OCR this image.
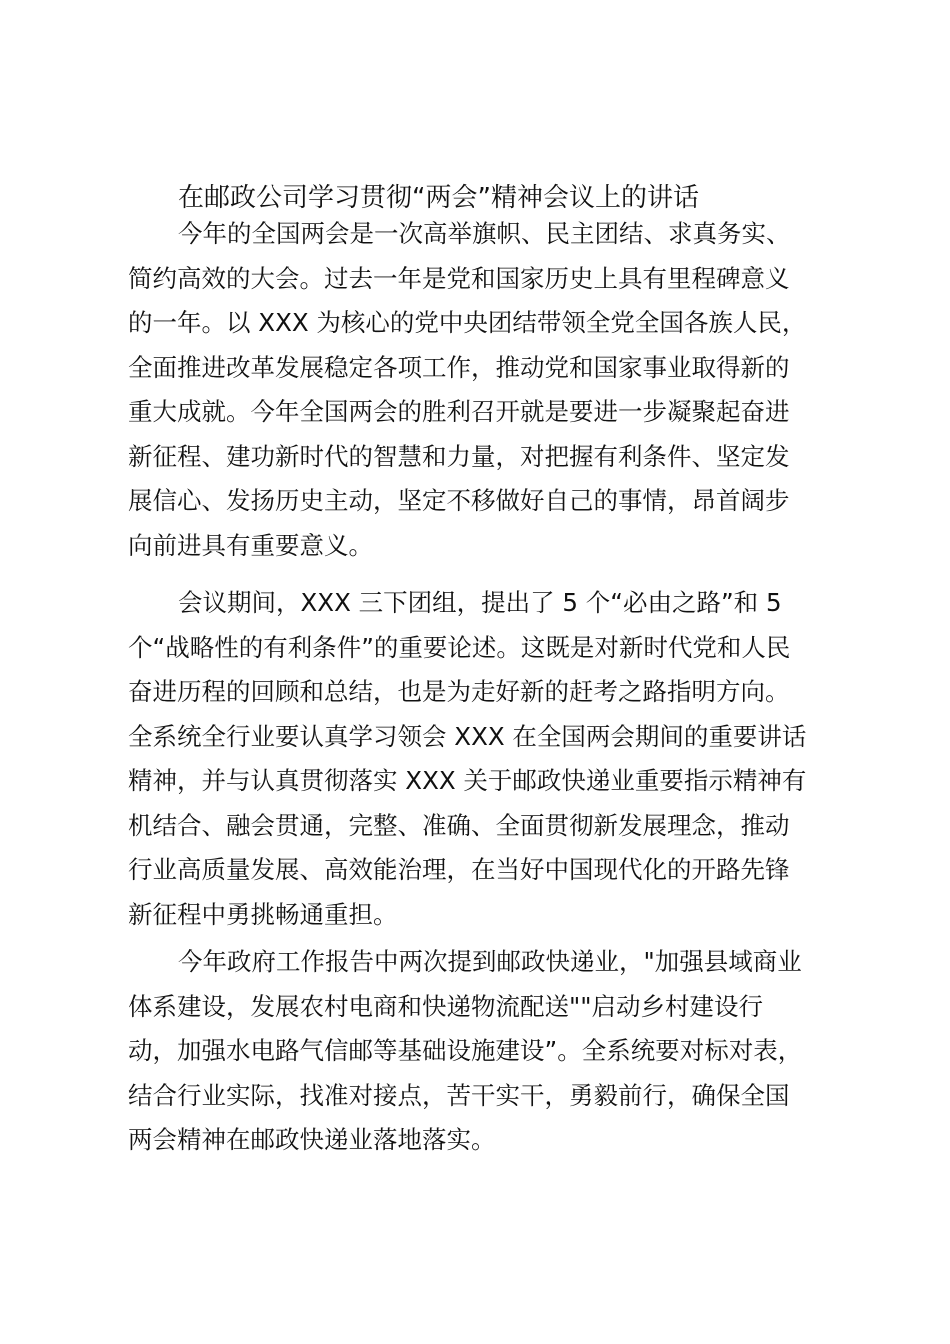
在邮政公司学习贯彻“两会”精神会议上的讲话
今年的全国两会是一次高举旗帜、民主团结、求真务实、
简约高效的大会。过去一年是党和国家历史上具有里程碑意义
的一年。以 XXX 为核心的党中央团结带领全党全国各族人民，
全面推进改革发展稳定各项工作，推动党和国家事业取得新的
重大成就。今年全国两会的胜利召开就是要进一步凝聚起奋进
新征程、建功新时代的智慧和力量，对把握有利条件、坚定发
展信心、发扬历史主动，坚定不移做好自己的事情，昂首阔步
向前进具有重要意义。
会议期间，XXX 三下团组，提出了 5 个“必由之路”和 5
个“战略性的有利条件”的重要论述。这既是对新时代党和人民
奋进历程的回顾和总结，也是为走好新的赶考之路指明方向。
全系统全行业要认真学习领会 XXX 在全国两会期间的重要讲话
精神，并与认真贯彻落实 XXX 关于邮政快递业重要指示精神有
机结合、融会贯通，完整、准确、全面贯彻新发展理念，推动
行业高质量发展、高效能治理，在当好中国现代化的开路先锋
新征程中勇挑畅通重担。
今年政府工作报告中两次提到邮政快递业，"加强县域商业
体系建设，发展农村电商和快递物流配送""启动乡村建设行
动，加强水电路气信邮等基础设施建设”。全系统要对标对表，
结合行业实际，找准对接点，苦干实干，勇毅前行，确保全国
两会精神在邮政快递业落地落实。
